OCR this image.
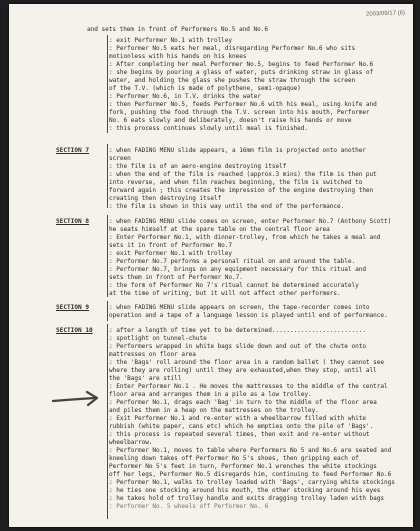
2003/09/17 (6)
and sets them in front of Performers No.5 and No.6
: exit Performer No.1 with trolley
: Performer No.5 eats her meal, disregarding Performer No.6 who sits
motionless with his hands on his knees
: After completing her meal Performer No.5, begins to feed Performer No.6
: she begins by pouring a glass of water, puts drinking straw in glass of
water, and holding the glass she pushes the straw through the screen
of the T.V. (which is made of polythene, semi-opaque)
: Performer No.6, in T.V. drinks the water
: then Performer No.5, feeds Performer No.6 with his meal, using knife and
fork, pushing the food through the T.V. screen into his mouth, Performer
No. 6 eats slowly and deliberately, doesn't raise his hands or move
: this process continues slowly until meal is finished.
SECTION 7	: when FADING MENU slide appears, a 16mm film is projected onto another
screen
: the film is of an aero-engine destroying itself
: when the end of the film is reached (approx.3 mins) the film is then put
into reverse, and when film reaches beginning, the film is switched to
forward again ; this creates the impression of the engine destroying then
creating then destroying itself
: the film is shown in this way until the end of the performance.
SECTION 8	: when FADING MENU slide comes on screen, enter Performer No.7 (Anthony Scott)
he seats himself at the spare table on the central floor area
: Enter Performer No.1, with dinner-trolley, from which he takes a meal and
sets it in front of Performer No.7
: exit Performer No.1 with trolley
: Performer No.7 performs a personal ritual on and around the table.
: Performer No.7, brings on any equipment necessary for this ritual and
sets them in front of Performer No.7.
: the form of Performer No 7's ritual cannot be determined accurately
at the time of writing, but it will not affect other performers.
SECTION 9	: when FADING MENU slide appears on screen, the tape-recorder comes into
operation and a tape of a language lesson is played until end of performance.
SECTION 10	: after a length of time yet to be determined..........................
: spotlight on tunnel-chute
: Performers wrapped in white bags slide down and out of the chute onto
mattresses on floor area
: the 'Bags' roll around the floor area in a random ballet ( they cannot see
where they are rolling) until they are exhausted,when they stop, until all
the 'Bags' are still
: Enter Performer No.1 . He moves the mattresses to the middle of the central
floor area and arranges them in a pile as a low trolley.
: Performer No.1, drags each 'Bag' in turn to the middle of the floor area
and piles them in a heap on the mattresses on the trolley.
: Exit Performer No.1 and re-enter with a wheelbarrow filled with white
rubbish (white paper, cans etc) which he empties onto the pile of 'Bags'.
: this process is repeated several times, then exit and re-enter without
wheelbarrow.
: Performer No.1, moves to table where Performers No 5 and No.6 are seated and
kneeling down takes off Performer No 5's shoes, then gripping each of
Performer No 5's feet in turn, Performer No.1 wrenches the white stockings
off her legs, Performer No.5 disregards him, continuing to feed Performer No.6
: Performer No.1, walks to trolley loaded with 'Bags', carrying white stockings
: he ties one stocking around his mouth, the other stocking around his eyes
: he takes hold of trolley handle and exits dragging trolley laden with bags
: Performer No. 5 wheels off Performer No. 6
